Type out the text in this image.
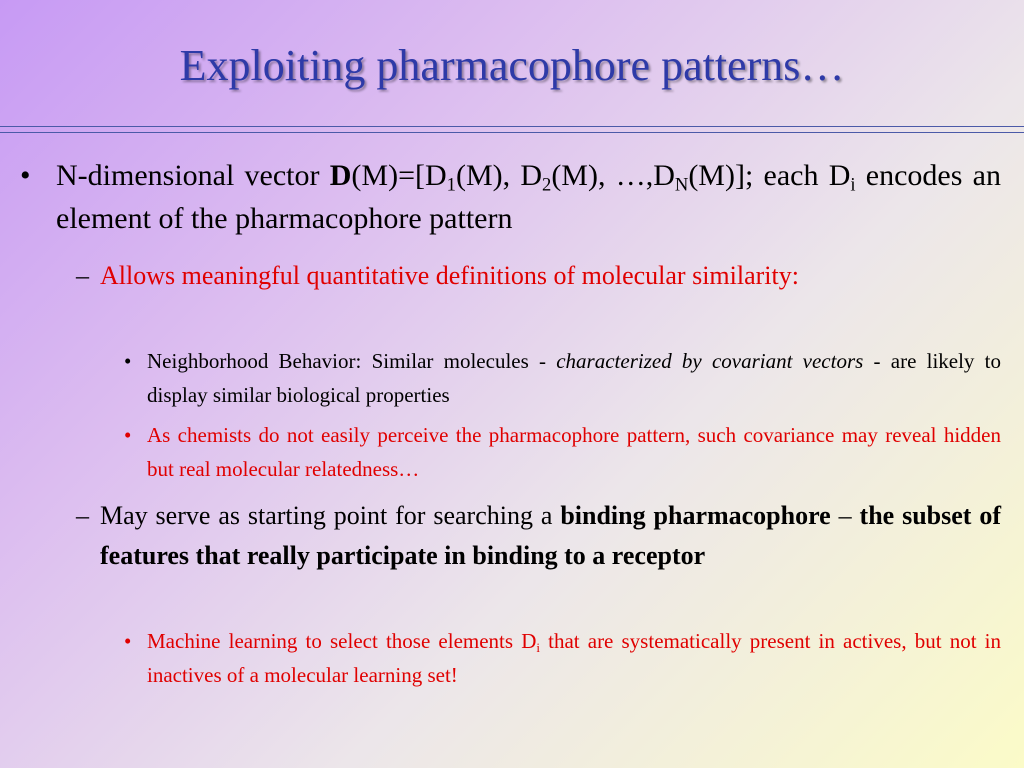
Exploiting pharmacophore patterns…
• N-dimensional vector $D(M)=[D_1(M)$, $D_2(M)$, $\dots,D_N(M)$]; each $D_i$ encodes an element of the pharmacophore pattern
– Allows meaningful quantitative definitions of molecular similarity:
• Neighborhood Behavior: Similar molecules - characterized by covariant vectors - are likely to display similar biological properties
• As chemists do not easily perceive the pharmacophore pattern, such covariance may reveal hidden but real molecular relatedness…
– May serve as starting point for searching a binding pharmacophore – the subset of features that really participate in binding to a receptor
• Machine learning to select those elements $D_i$ that are systematically present in actives, but not in inactives of a molecular learning set!
